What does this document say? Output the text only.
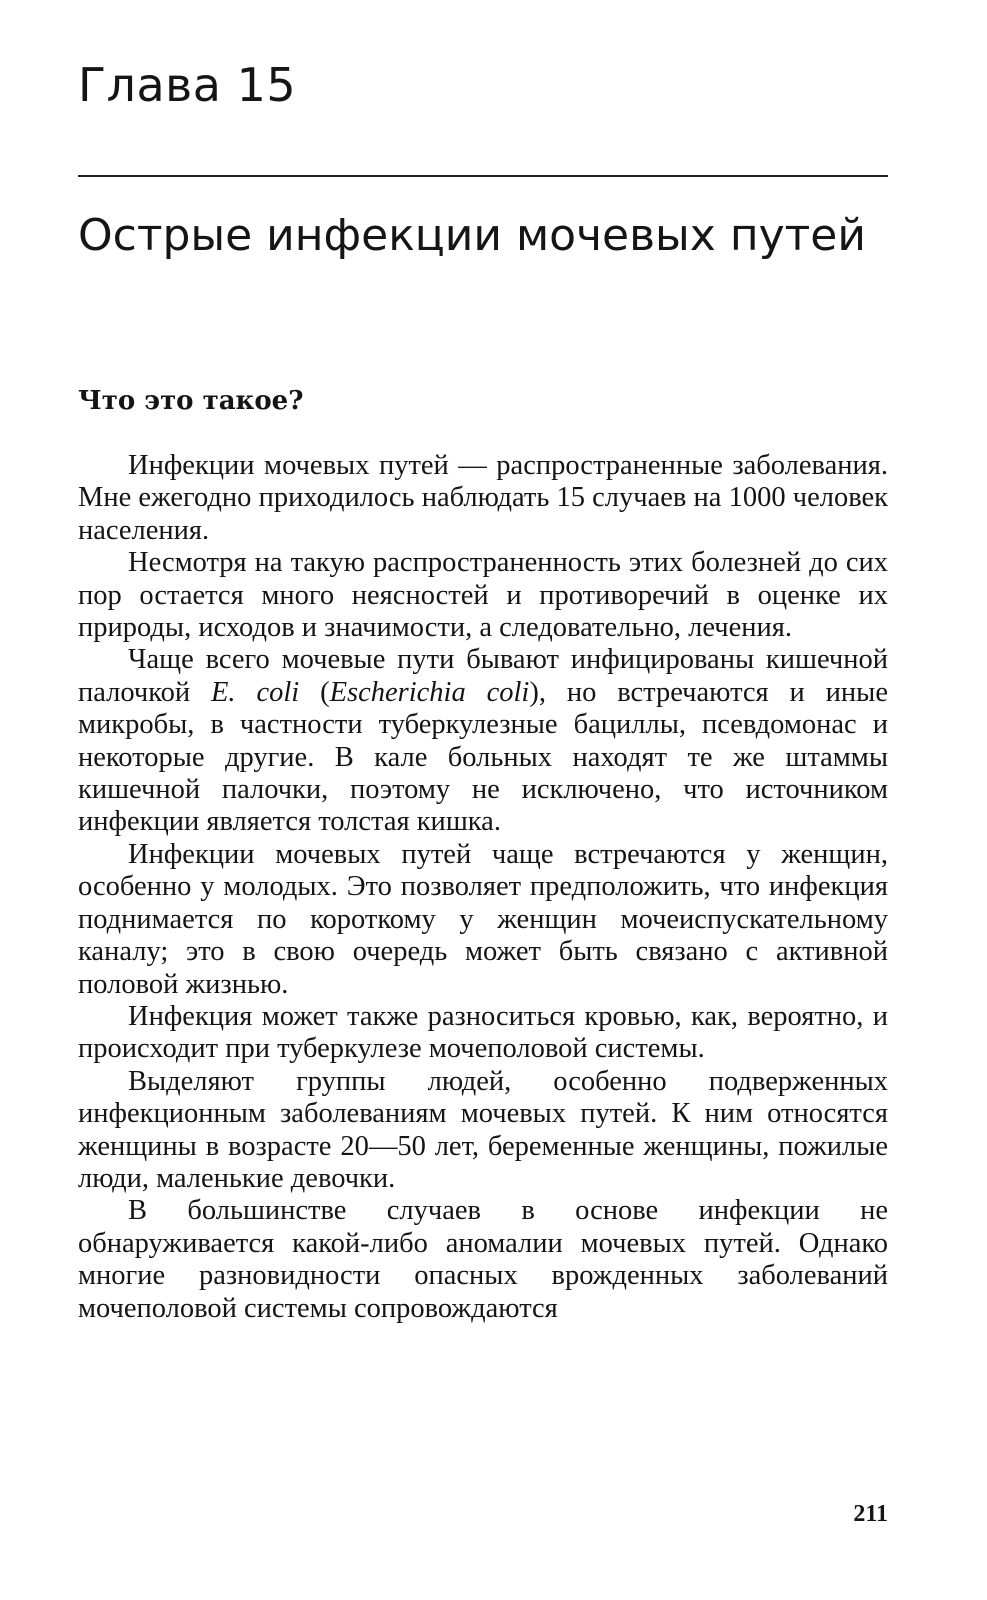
Глава 15
Острые инфекции мочевых путей
Что это такое?

Инфекции мочевых путей — распространенные заболевания. Мне ежегодно приходилось наблюдать 15 случаев на 1000 человек населения.

Несмотря на такую распространенность этих болезней до сих пор остается много неясностей и противоречий в оценке их природы, исходов и значимости, а следовательно, лечения.

Чаще всего мочевые пути бывают инфицированы кишечной палочкой E. coli (Escherichia coli), но встречаются и иные микробы, в частности туберкулезные бациллы, псевдомонас и некоторые другие. В кале больных находят те же штаммы кишечной палочки, поэтому не исключено, что источником инфекции является толстая кишка.

Инфекции мочевых путей чаще встречаются у женщин, особенно у молодых. Это позволяет предположить, что инфекция поднимается по короткому у женщин мочеиспускательному каналу; это в свою очередь может быть связано с активной половой жизнью.

Инфекция может также разноситься кровью, как, вероятно, и происходит при туберкулезе мочеполовой системы.

Выделяют группы людей, особенно подверженных инфекционным заболеваниям мочевых путей. К ним относятся женщины в возрасте 20—50 лет, беременные женщины, пожилые люди, маленькие девочки.

В большинстве случаев в основе инфекции не обнаруживается какой-либо аномалии мочевых путей. Однако многие разновидности опасных врожденных заболеваний мочеполовой системы сопровождаются

211
